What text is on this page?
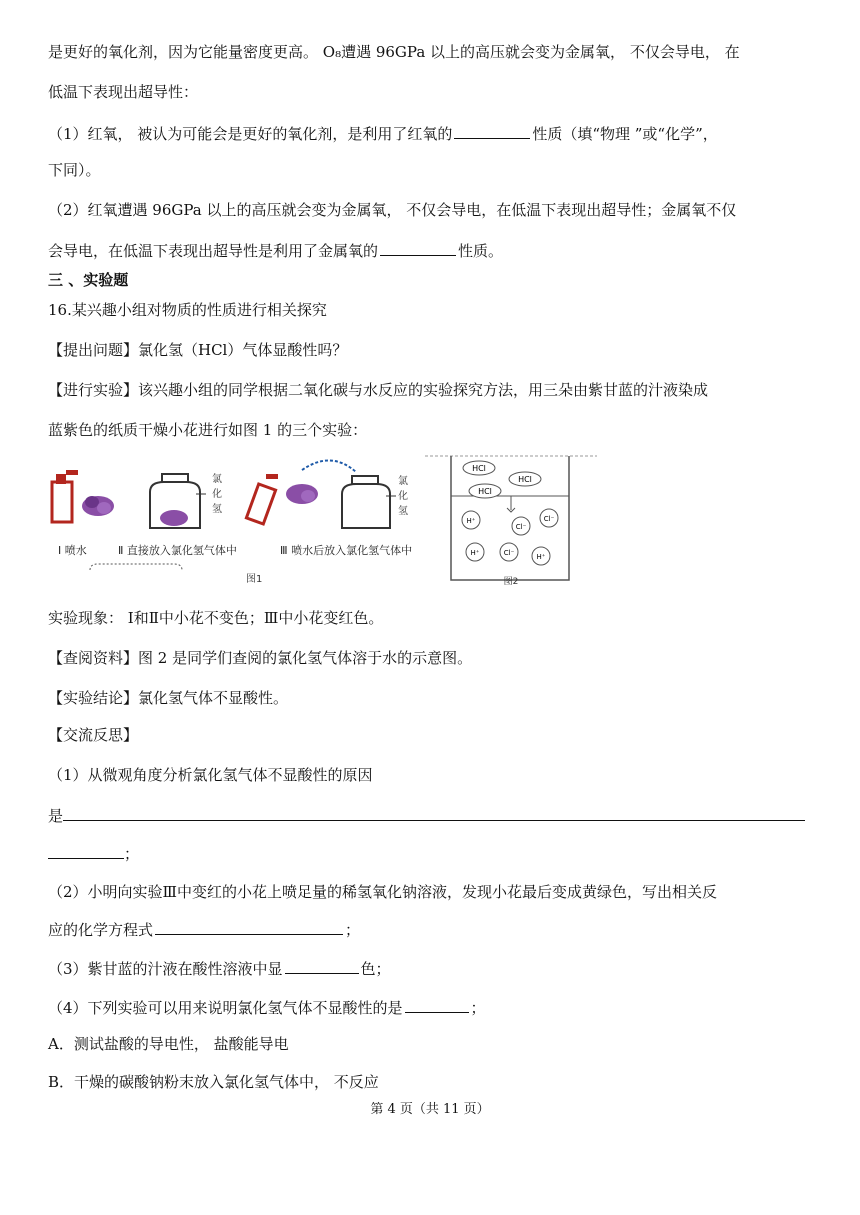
是更好的氧化剂，因为它能量密度更高。 O₈遭遇 96GPa 以上的高压就会变为金属氧， 不仅会导电， 在
低温下表现出超导性：
（1）红氧， 被认为可能会是更好的氧化剂，是利用了红氧的	性质（填“物理 ”或“化学”，
下同）。
（2）红氧遭遇 96GPa 以上的高压就会变为金属氧， 不仅会导电，在低温下表现出超导性；金属氧不仅
会导电，在低温下表现出超导性是利用了金属氧的	性质。
三 、实验题
16.某兴趣小组对物质的性质进行相关探究
【提出问题】氯化氢（HCl）气体显酸性吗？
【进行实验】该兴趣小组的同学根据二氧化碳与水反应的实验探究方法，用三朵由紫甘蓝的汁液染成
蓝紫色的纸质干燥小花进行如图 1 的三个实验：
氯
化
氢
氯
化
氢
Ⅰ 喷水	Ⅱ 直接放入氯化氢气体中	Ⅲ 喷水后放入氯化氢气体中
图1
HCl
HCl
HCl
H⁺
Cl⁻
Cl⁻
H⁺	Cl⁻	H⁺
图2
实验现象： Ⅰ和Ⅱ中小花不变色；Ⅲ中小花变红色。
【查阅资料】图 2 是同学们查阅的氯化氢气体溶于水的示意图。
【实验结论】氯化氢气体不显酸性。
【交流反思】
（1）从微观角度分析氯化氢气体不显酸性的原因
是
；
（2）小明向实验Ⅲ中变红的小花上喷足量的稀氢氧化钠溶液，发现小花最后变成黄绿色，写出相关反
应的化学方程式	；
（3）紫甘蓝的汁液在酸性溶液中显	色；
（4）下列实验可以用来说明氯化氢气体不显酸性的是	；
A．测试盐酸的导电性， 盐酸能导电
B．干燥的碳酸钠粉末放入氯化氢气体中， 不反应
第 4 页（共 11 页）
